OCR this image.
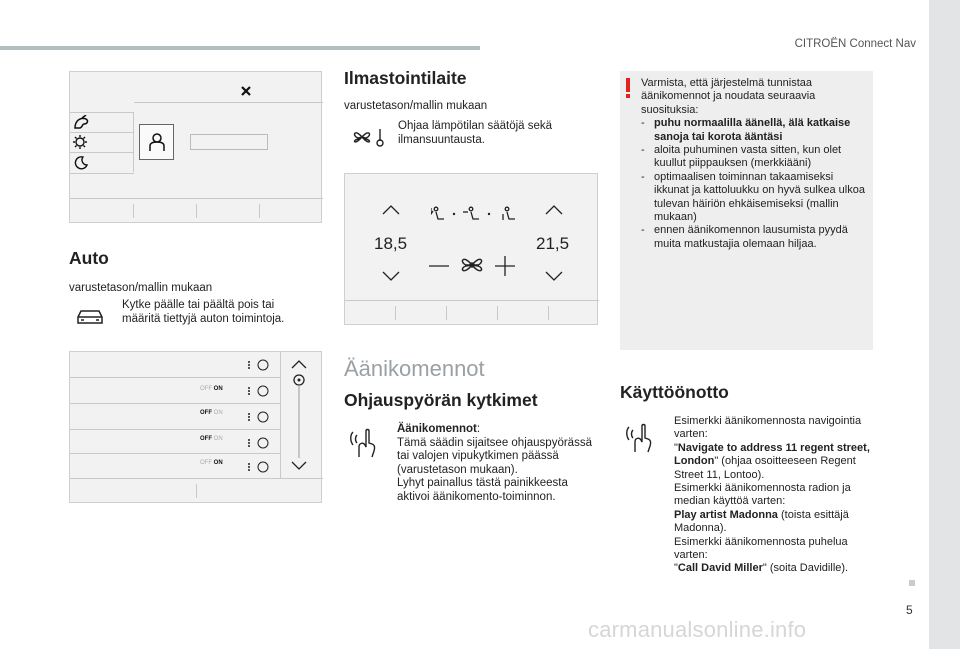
CITROËN Connect Nav
5
carmanualsonline.info
Auto
varustetason/mallin mukaan
Kytke päälle tai päältä pois tai määritä tiettyjä auton toimintoja.
OFF ON
OFF ON
OFF ON
OFF ON
Ilmastointilaite
varustetason/mallin mukaan
Ohjaa lämpötilan säätöjä sekä ilmansuuntausta.
18,5	21,5
Äänikomennot
Ohjauspyörän kytkimet
Äänikomennot:
Tämä säädin sijaitsee ohjauspyörässä tai valojen vipukytkimen päässä (varustetason mukaan).
Lyhyt painallus tästä painikkeesta aktivoi äänikomento-toiminnon.
Varmista, että järjestelmä tunnistaa äänikomennot ja noudata seuraavia suosituksia:
- puhu normaalilla äänellä, älä katkaise sanoja tai korota ääntäsi
- aloita puhuminen vasta sitten, kun olet kuullut piippauksen (merkkiääni)
- optimaalisen toiminnan takaamiseksi ikkunat ja kattoluukku on hyvä sulkea ulkoa tulevan häiriön ehkäisemiseksi (mallin mukaan)
- ennen äänikomennon lausumista pyydä muita matkustajia olemaan hiljaa.
Käyttöönotto
Esimerkki äänikomennosta navigointia varten:
"Navigate to address 11 regent street, London" (ohjaa osoitteeseen Regent Street 11, Lontoo).
Esimerkki äänikomennosta radion ja median käyttöä varten:
Play artist Madonna (toista esittäjä Madonna).
Esimerkki äänikomennosta puhelua varten:
"Call David Miller" (soita Davidille).
